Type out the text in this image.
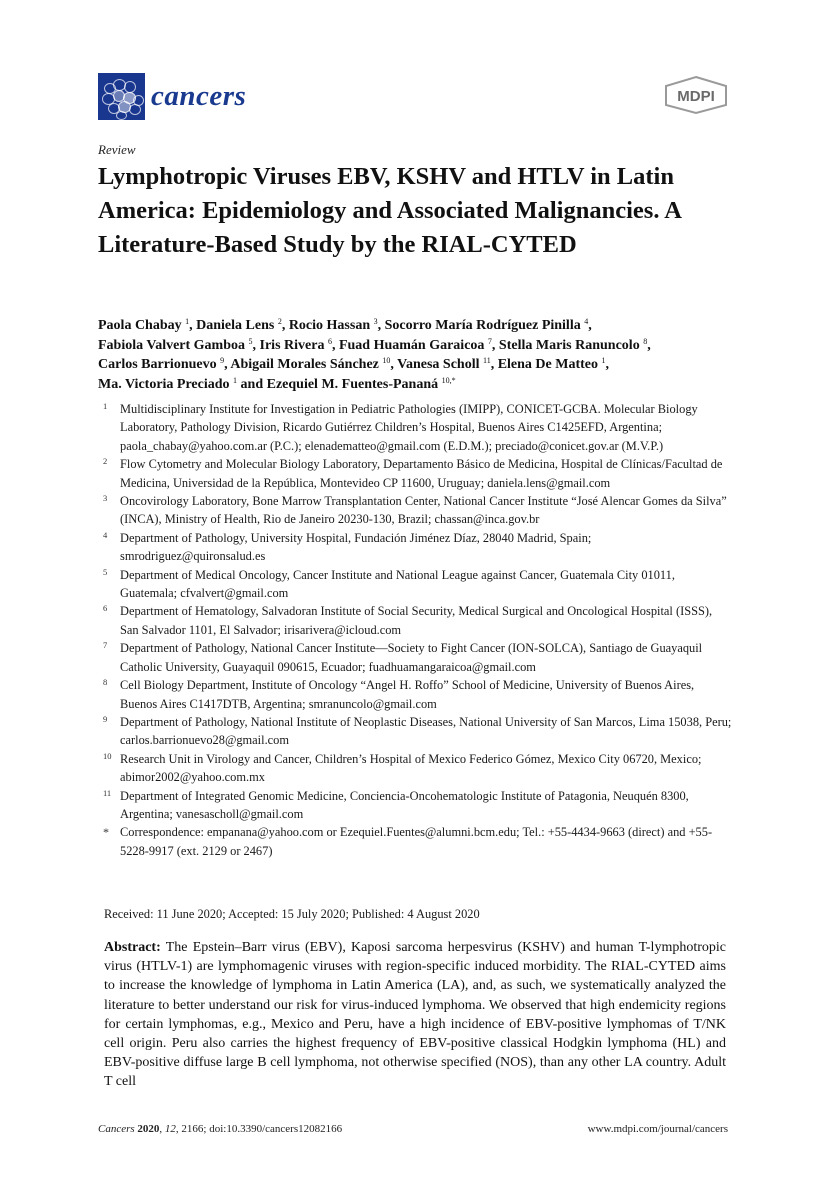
cancers	MDPI
Review
Lymphotropic Viruses EBV, KSHV and HTLV in Latin America: Epidemiology and Associated Malignancies. A Literature-Based Study by the RIAL-CYTED
Paola Chabay $^1$, Daniela Lens $^2$, Rocio Hassan $^3$, Socorro María Rodríguez Pinilla $^4$,
Fabiola Valvert Gamboa $^5$, Iris Rivera $^6$, Fuad Huamán Garaicoa $^7$, Stella Maris Ranuncolo $^8$,
Carlos Barrionuevo $^9$, Abigail Morales Sánchez $^{10}$, Vanesa Scholl $^{11}$, Elena De Matteo $^1$,
Ma. Victoria Preciado $^1$ and Ezequiel M. Fuentes-Pananá $^{10,*}$
1 Multidisciplinary Institute for Investigation in Pediatric Pathologies (IMIPP), CONICET-GCBA. Molecular Biology Laboratory, Pathology Division, Ricardo Gutiérrez Children’s Hospital, Buenos Aires C1425EFD, Argentina; paola_chabay@yahoo.com.ar (P.C.); elenadematteo@gmail.com (E.D.M.); preciado@conicet.gov.ar (M.V.P.)
2 Flow Cytometry and Molecular Biology Laboratory, Departamento Básico de Medicina, Hospital de Clínicas/Facultad de Medicina, Universidad de la República, Montevideo CP 11600, Uruguay; daniela.lens@gmail.com
3 Oncovirology Laboratory, Bone Marrow Transplantation Center, National Cancer Institute “José Alencar Gomes da Silva” (INCA), Ministry of Health, Rio de Janeiro 20230-130, Brazil; chassan@inca.gov.br
4 Department of Pathology, University Hospital, Fundación Jiménez Díaz, 28040 Madrid, Spain; smrodriguez@quironsalud.es
5 Department of Medical Oncology, Cancer Institute and National League against Cancer, Guatemala City 01011, Guatemala; cfvalvert@gmail.com
6 Department of Hematology, Salvadoran Institute of Social Security, Medical Surgical and Oncological Hospital (ISSS), San Salvador 1101, El Salvador; irisarivera@icloud.com
7 Department of Pathology, National Cancer Institute—Society to Fight Cancer (ION-SOLCA), Santiago de Guayaquil Catholic University, Guayaquil 090615, Ecuador; fuadhuamangaraicoa@gmail.com
8 Cell Biology Department, Institute of Oncology “Angel H. Roffo” School of Medicine, University of Buenos Aires, Buenos Aires C1417DTB, Argentina; smranuncolo@gmail.com
9 Department of Pathology, National Institute of Neoplastic Diseases, National University of San Marcos, Lima 15038, Peru; carlos.barrionuevo28@gmail.com
10 Research Unit in Virology and Cancer, Children’s Hospital of Mexico Federico Gómez, Mexico City 06720, Mexico; abimor2002@yahoo.com.mx
11 Department of Integrated Genomic Medicine, Conciencia-Oncohematologic Institute of Patagonia, Neuquén 8300, Argentina; vanesascholl@gmail.com
* Correspondence: empanana@yahoo.com or Ezequiel.Fuentes@alumni.bcm.edu; Tel.: +55-4434-9663 (direct) and +55-5228-9917 (ext. 2129 or 2467)
Received: 11 June 2020; Accepted: 15 July 2020; Published: 4 August 2020
Abstract: The Epstein–Barr virus (EBV), Kaposi sarcoma herpesvirus (KSHV) and human T-lymphotropic virus (HTLV-1) are lymphomagenic viruses with region-specific induced morbidity. The RIAL-CYTED aims to increase the knowledge of lymphoma in Latin America (LA), and, as such, we systematically analyzed the literature to better understand our risk for virus-induced lymphoma. We observed that high endemicity regions for certain lymphomas, e.g., Mexico and Peru, have a high incidence of EBV-positive lymphomas of T/NK cell origin. Peru also carries the highest frequency of EBV-positive classical Hodgkin lymphoma (HL) and EBV-positive diffuse large B cell lymphoma, not otherwise specified (NOS), than any other LA country. Adult T cell
Cancers 2020, 12, 2166; doi:10.3390/cancers12082166	www.mdpi.com/journal/cancers
